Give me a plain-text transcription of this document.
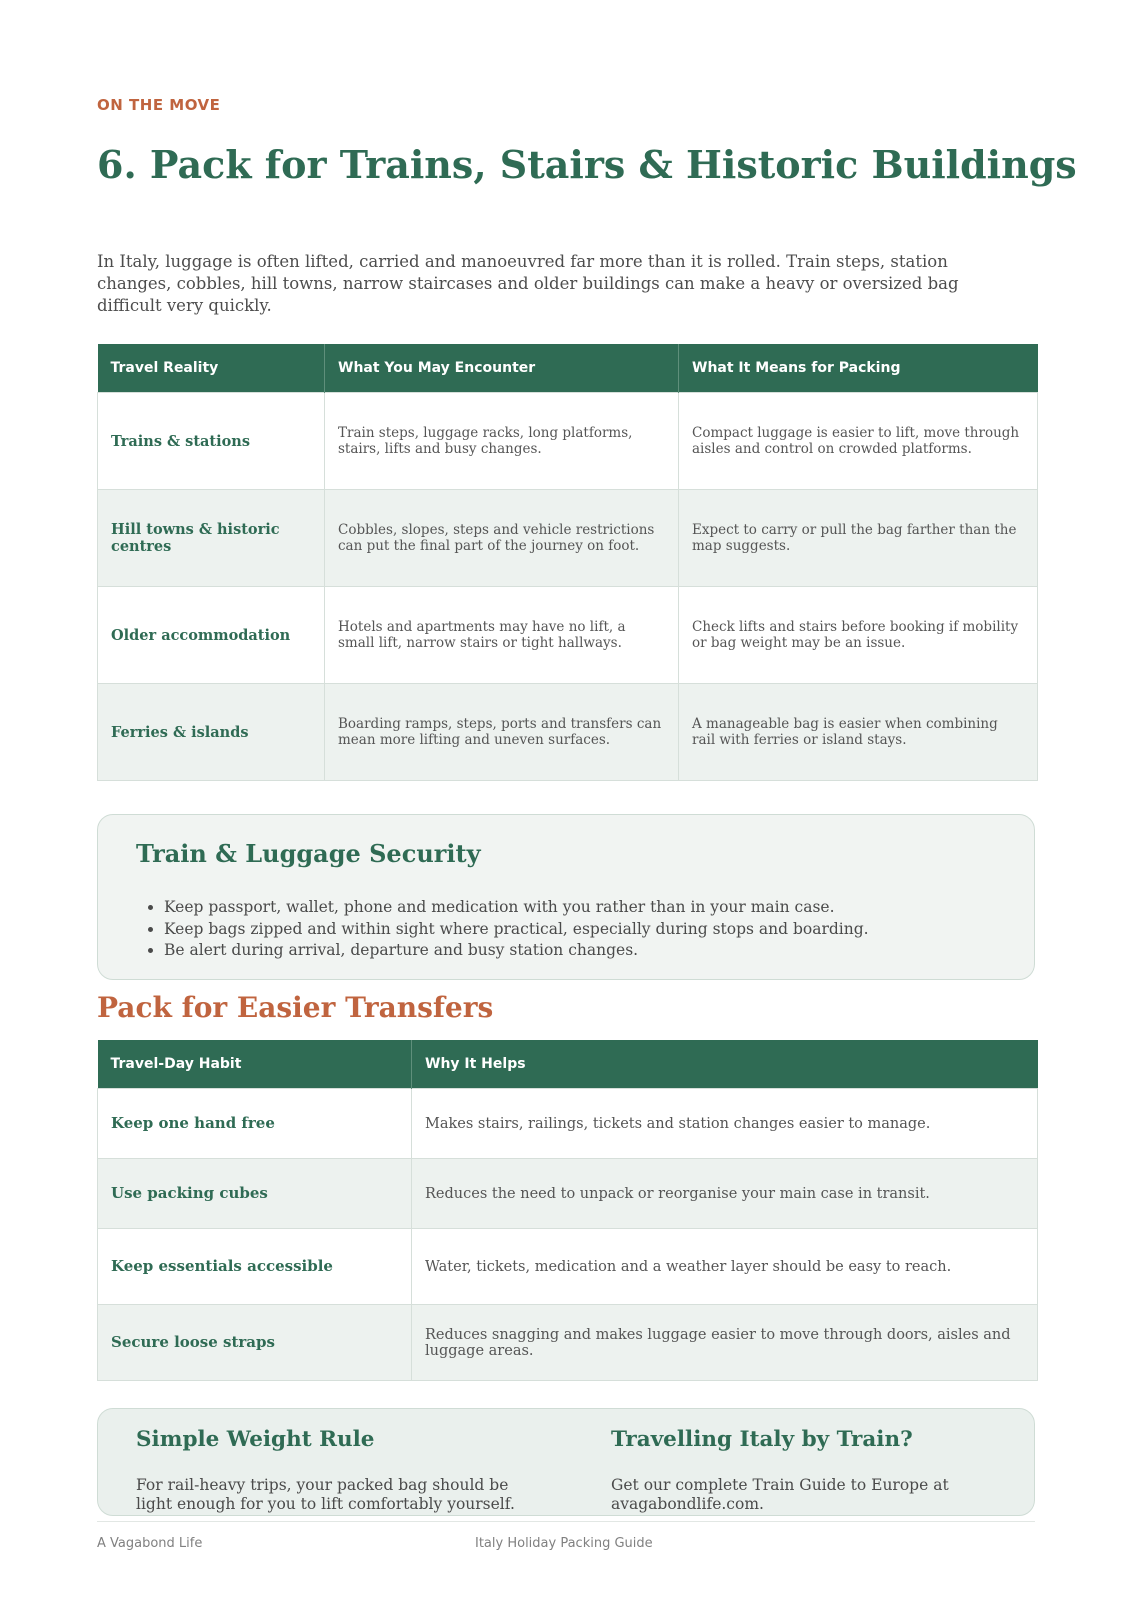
ON THE MOVE
6. Pack for Trains, Stairs & Historic Buildings

In Italy, luggage is often lifted, carried and manoeuvred far more than it is rolled. Train steps, station changes, cobbles, hill towns, narrow staircases and older buildings can make a heavy or oversized bag difficult very quickly.

Travel Reality	What You May Encounter	What It Means for Packing
Trains & stations	Train steps, luggage racks, long platforms, stairs, lifts and busy changes.	Compact luggage is easier to lift, move through aisles and control on crowded platforms.
Hill towns & historic centres	Cobbles, slopes, steps and vehicle restrictions can put the final part of the journey on foot.	Expect to carry or pull the bag farther than the map suggests.
Older accommodation	Hotels and apartments may have no lift, a small lift, narrow stairs or tight hallways.	Check lifts and stairs before booking if mobility or bag weight may be an issue.
Ferries & islands	Boarding ramps, steps, ports and transfers can mean more lifting and uneven surfaces.	A manageable bag is easier when combining rail with ferries or island stays.
Train & Luggage Security
• Keep passport, wallet, phone and medication with you rather than in your main case.
• Keep bags zipped and within sight where practical, especially during stops and boarding.
• Be alert during arrival, departure and busy station changes.
Pack for Easier Transfers
Travel-Day Habit	Why It Helps
Keep one hand free	Makes stairs, railings, tickets and station changes easier to manage.
Use packing cubes	Reduces the need to unpack or reorganise your main case in transit.
Keep essentials accessible	Water, tickets, medication and a weather layer should be easy to reach.
Secure loose straps	Reduces snagging and makes luggage easier to move through doors, aisles and luggage areas.
Simple Weight Rule

For rail-heavy trips, your packed bag should be light enough for you to lift comfortably yourself.

Travelling Italy by Train?

Get our complete Train Guide to Europe at avagabondlife.com.

A Vagabond Life	Italy Holiday Packing Guide
